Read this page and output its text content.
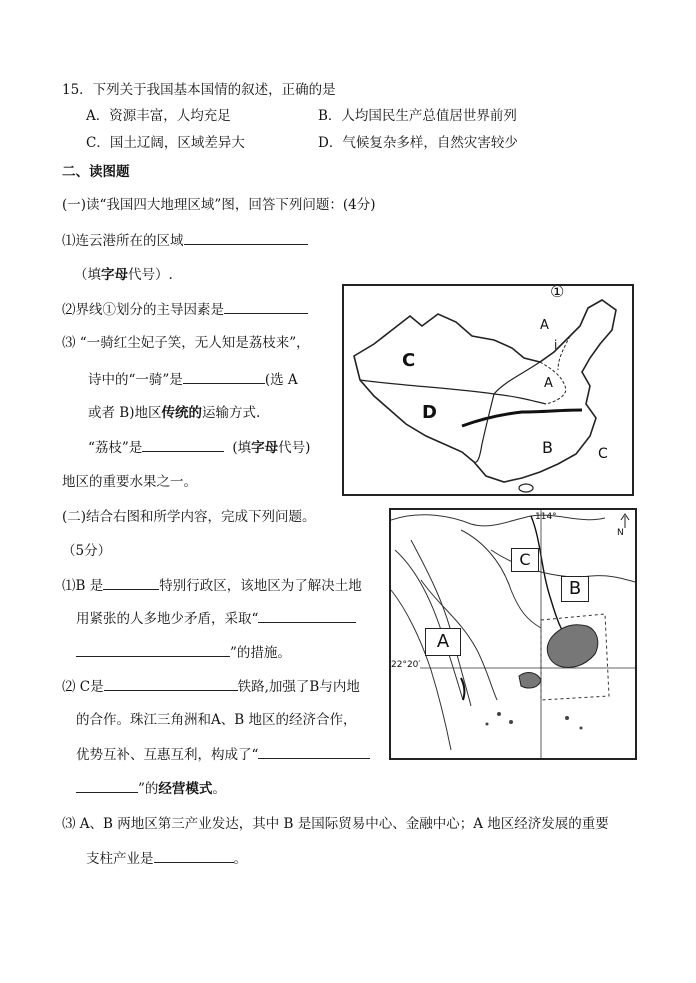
15．下列关于我国基本国情的叙述，正确的是
A．资源丰富，人均充足	B．人均国民生产总值居世界前列
C．国土辽阔，区域差异大	D．气候复杂多样，自然灾害较少
二、读图题
(一)读“我国四大地理区域”图，回答下列问题：(4分)
⑴连云港所在的区域
（填字母代号）.
⑵界线①划分的主导因素是
⑶ “一骑红尘妃子笑，无人知是荔枝来”，
诗中的“一骑”是	(选 A
或者 B)地区传统的运输方式.
“荔枝”是	(填字母代号)
地区的重要水果之一。
①
A
i
A
C
D
B	C
(二)结合右图和所学内容，完成下列问题。
（5分）
⑴B 是	特别行政区，该地区为了解决土地
用紧张的人多地少矛盾，采取“
”的措施。
⑵ C是	铁路,加强了B与内地
的合作。珠江三角洲和A、B 地区的经济合作，
优势互补、互惠互利，构成了“
”的经营模式。
⑶ A、B 两地区第三产业发达，其中 B 是国际贸易中心、金融中心；A 地区经济发展的重要
支柱产业是	。
114°
N
C
B
A
22°20′
